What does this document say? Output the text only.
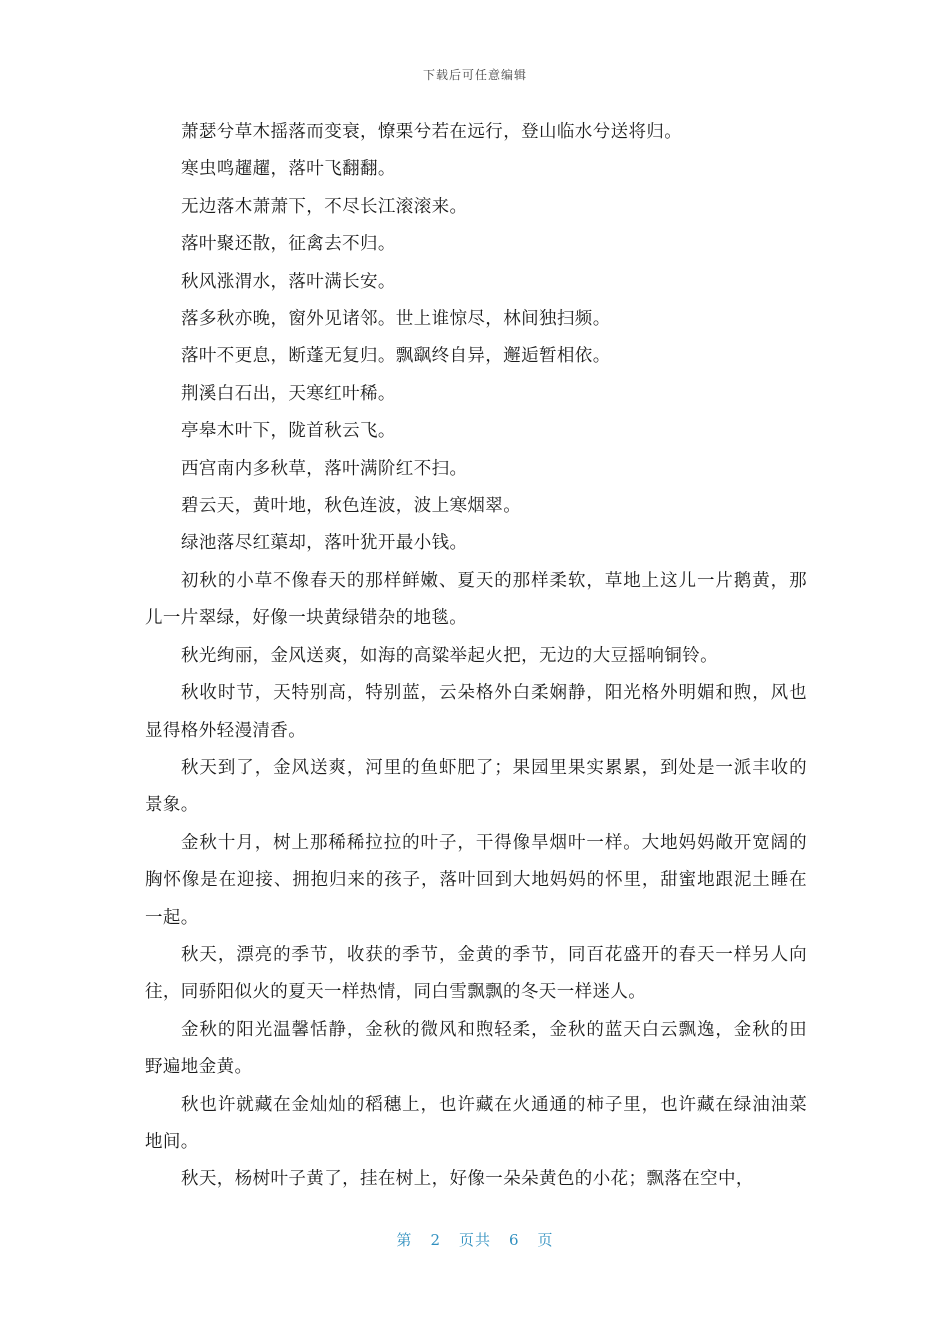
下载后可任意编辑

萧瑟兮草木摇落而变衰，憭栗兮若在远行，登山临水兮送将归。

寒虫鸣趯趯，落叶飞翻翻。

无边落木萧萧下，不尽长江滚滚来。

落叶聚还散，征禽去不归。

秋风涨渭水，落叶满长安。

落多秋亦晚，窗外见诸邻。世上谁惊尽，林间独扫频。

落叶不更息，断蓬无复归。飘飖终自异，邂逅暂相依。

荆溪白石出，天寒红叶稀。

亭皋木叶下，陇首秋云飞。

西宫南内多秋草，落叶满阶红不扫。

碧云天，黄叶地，秋色连波，波上寒烟翠。

绿池落尽红蕖却，落叶犹开最小钱。

初秋的小草不像春天的那样鲜嫩、夏天的那样柔软，草地上这儿一片鹅黄，那儿一片翠绿，好像一块黄绿错杂的地毯。

秋光绚丽，金风送爽，如海的高粱举起火把，无边的大豆摇响铜铃。

秋收时节，天特别高，特别蓝，云朵格外白柔娴静，阳光格外明媚和煦，风也显得格外轻漫清香。

秋天到了，金风送爽，河里的鱼虾肥了；果园里果实累累，到处是一派丰收的景象。

金秋十月，树上那稀稀拉拉的叶子，干得像旱烟叶一样。大地妈妈敞开宽阔的胸怀像是在迎接、拥抱归来的孩子，落叶回到大地妈妈的怀里，甜蜜地跟泥土睡在一起。

秋天，漂亮的季节，收获的季节，金黄的季节，同百花盛开的春天一样另人向往，同骄阳似火的夏天一样热情，同白雪飘飘的冬天一样迷人。

金秋的阳光温馨恬静，金秋的微风和煦轻柔，金秋的蓝天白云飘逸，金秋的田野遍地金黄。

秋也许就藏在金灿灿的稻穗上，也许藏在火通通的柿子里，也许藏在绿油油菜地间。

秋天，杨树叶子黄了，挂在树上，好像一朵朵黄色的小花；飘落在空中，

第 2 页共 6 页
